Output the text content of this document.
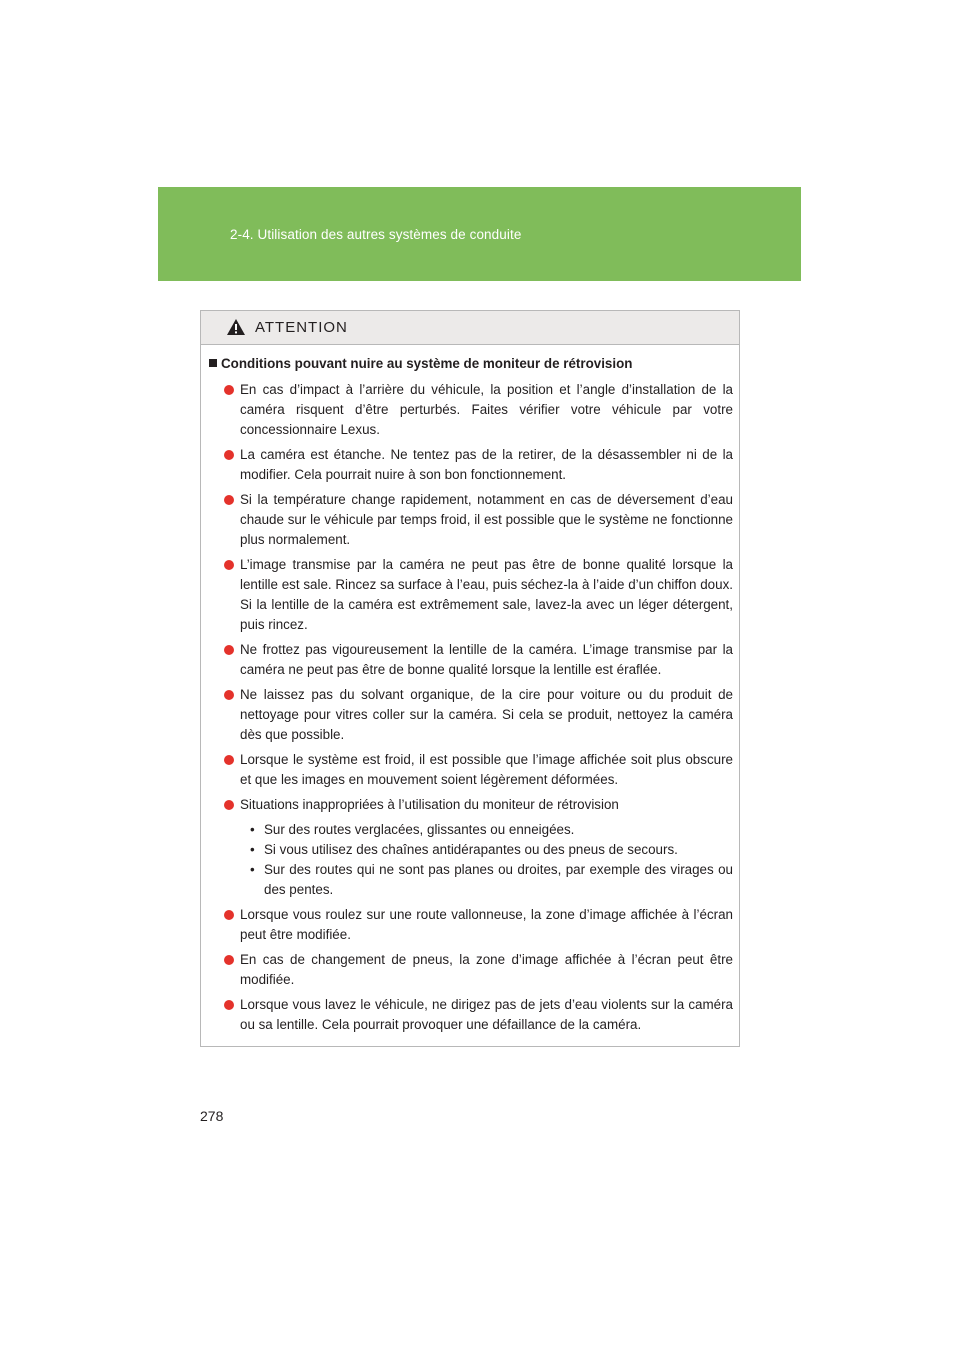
2-4. Utilisation des autres systèmes de conduite
ATTENTION
Conditions pouvant nuire au système de moniteur de rétrovision
En cas d’impact à l’arrière du véhicule, la position et l’angle d’installation de la caméra risquent d’être perturbés. Faites vérifier votre véhicule par votre concessionnaire Lexus.
La caméra est étanche. Ne tentez pas de la retirer, de la désassembler ni de la modifier. Cela pourrait nuire à son bon fonctionnement.
Si la température change rapidement, notamment en cas de déversement d’eau chaude sur le véhicule par temps froid, il est possible que le système ne fonctionne plus normalement.
L’image transmise par la caméra ne peut pas être de bonne qualité lorsque la lentille est sale. Rincez sa surface à l’eau, puis séchez-la à l’aide d’un chiffon doux. Si la lentille de la caméra est extrêmement sale, lavez-la avec un léger détergent, puis rincez.
Ne frottez pas vigoureusement la lentille de la caméra. L’image transmise par la caméra ne peut pas être de bonne qualité lorsque la lentille est éraflée.
Ne laissez pas du solvant organique, de la cire pour voiture ou du produit de nettoyage pour vitres coller sur la caméra. Si cela se produit, nettoyez la caméra dès que possible.
Lorsque le système est froid, il est possible que l’image affichée soit plus obscure et que les images en mouvement soient légèrement déformées.
Situations inappropriées à l’utilisation du moniteur de rétrovision
• Sur des routes verglacées, glissantes ou enneigées.
• Si vous utilisez des chaînes antidérapantes ou des pneus de secours.
• Sur des routes qui ne sont pas planes ou droites, par exemple des virages ou des pentes.
Lorsque vous roulez sur une route vallonneuse, la zone d’image affichée à l’écran peut être modifiée.
En cas de changement de pneus, la zone d’image affichée à l’écran peut être modifiée.
Lorsque vous lavez le véhicule, ne dirigez pas de jets d’eau violents sur la caméra ou sa lentille. Cela pourrait provoquer une défaillance de la caméra.
278
